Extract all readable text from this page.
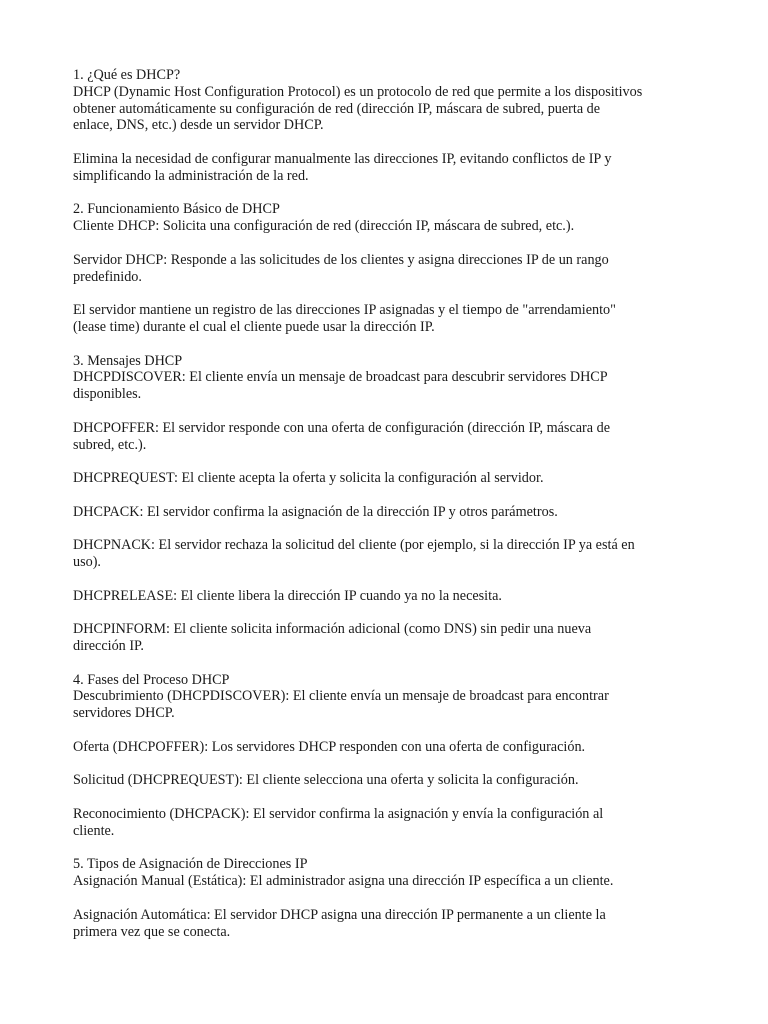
1. ¿Qué es DHCP?
DHCP (Dynamic Host Configuration Protocol) es un protocolo de red que permite a los dispositivos
obtener automáticamente su configuración de red (dirección IP, máscara de subred, puerta de
enlace, DNS, etc.) desde un servidor DHCP.
Elimina la necesidad de configurar manualmente las direcciones IP, evitando conflictos de IP y
simplificando la administración de la red.
2. Funcionamiento Básico de DHCP
Cliente DHCP: Solicita una configuración de red (dirección IP, máscara de subred, etc.).
Servidor DHCP: Responde a las solicitudes de los clientes y asigna direcciones IP de un rango
predefinido.
El servidor mantiene un registro de las direcciones IP asignadas y el tiempo de "arrendamiento"
(lease time) durante el cual el cliente puede usar la dirección IP.
3. Mensajes DHCP
DHCPDISCOVER: El cliente envía un mensaje de broadcast para descubrir servidores DHCP
disponibles.
DHCPOFFER: El servidor responde con una oferta de configuración (dirección IP, máscara de
subred, etc.).
DHCPREQUEST: El cliente acepta la oferta y solicita la configuración al servidor.
DHCPACK: El servidor confirma la asignación de la dirección IP y otros parámetros.
DHCPNACK: El servidor rechaza la solicitud del cliente (por ejemplo, si la dirección IP ya está en
uso).
DHCPRELEASE: El cliente libera la dirección IP cuando ya no la necesita.
DHCPINFORM: El cliente solicita información adicional (como DNS) sin pedir una nueva
dirección IP.
4. Fases del Proceso DHCP
Descubrimiento (DHCPDISCOVER): El cliente envía un mensaje de broadcast para encontrar
servidores DHCP.
Oferta (DHCPOFFER): Los servidores DHCP responden con una oferta de configuración.
Solicitud (DHCPREQUEST): El cliente selecciona una oferta y solicita la configuración.
Reconocimiento (DHCPACK): El servidor confirma la asignación y envía la configuración al
cliente.
5. Tipos de Asignación de Direcciones IP
Asignación Manual (Estática): El administrador asigna una dirección IP específica a un cliente.
Asignación Automática: El servidor DHCP asigna una dirección IP permanente a un cliente la
primera vez que se conecta.
